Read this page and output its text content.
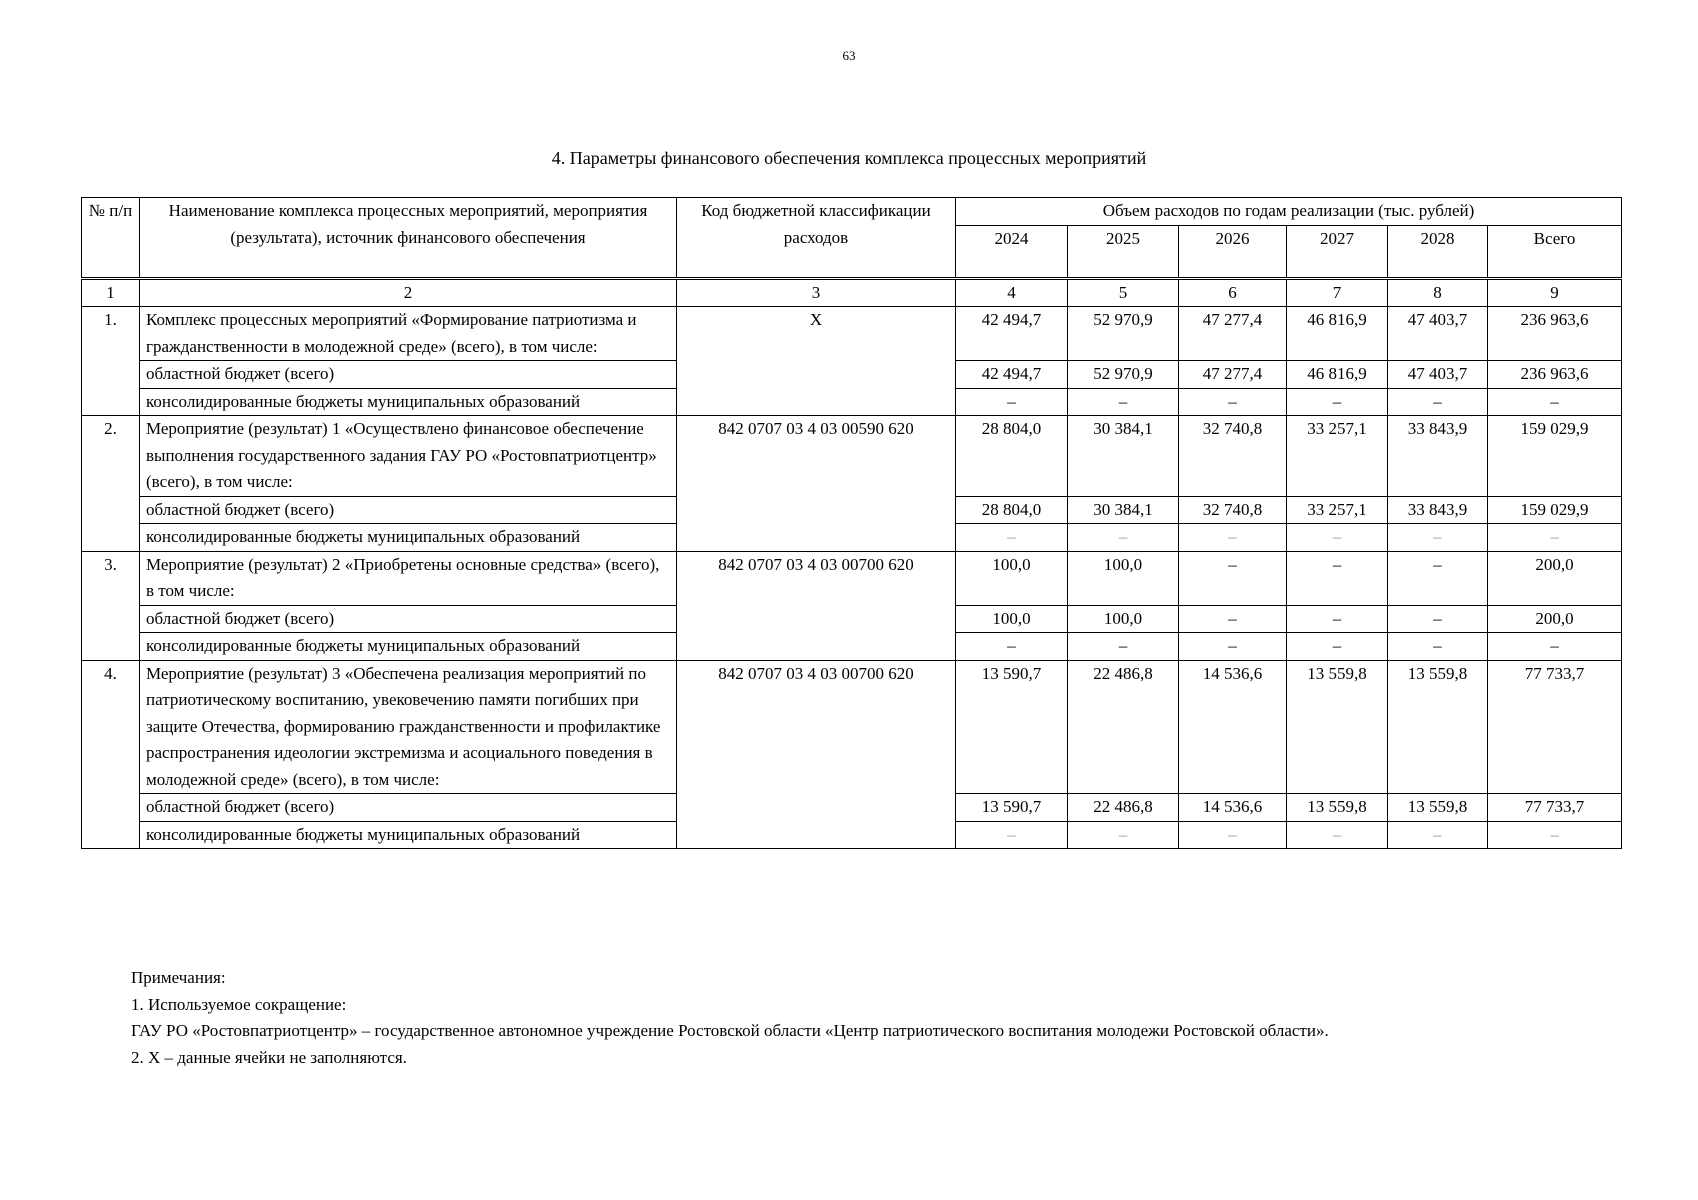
63
4. Параметры финансового обеспечения комплекса процессных мероприятий
№ п/п	Наименование комплекса процессных мероприятий, мероприятия (результата), источник финансового обеспечения	Код бюджетной классификации расходов	Объем расходов по годам реализации (тыс. рублей)					
			2024	2025	2026	2027	2028	Всего
1	2	3	4	5	6	7	8	9
1.	Комплекс процессных мероприятий «Формирование патриотизма и гражданственности в молодежной среде» (всего), в том числе:	Х	42 494,7	52 970,9	47 277,4	46 816,9	47 403,7	236 963,6
	областной бюджет (всего)		42 494,7	52 970,9	47 277,4	46 816,9	47 403,7	236 963,6
	консолидированные бюджеты муниципальных образований		–	–	–	–	–	–
2.	Мероприятие (результат) 1 «Осуществлено финансовое обеспечение выполнения государственного задания ГАУ РО «Ростовпатриотцентр» (всего), в том числе:	842 0707 03 4 03 00590 620	28 804,0	30 384,1	32 740,8	33 257,1	33 843,9	159 029,9
	областной бюджет (всего)		28 804,0	30 384,1	32 740,8	33 257,1	33 843,9	159 029,9
	консолидированные бюджеты муниципальных образований		–	–	–	–	–	–
3.	Мероприятие (результат) 2 «Приобретены основные средства» (всего), в том числе:	842 0707 03 4 03 00700 620	100,0	100,0	–	–	–	200,0
	областной бюджет (всего)		100,0	100,0	–	–	–	200,0
	консолидированные бюджеты муниципальных образований		–	–	–	–	–	–
4.	Мероприятие (результат) 3 «Обеспечена реализация мероприятий по патриотическому воспитанию, увековечению памяти погибших при защите Отечества, формированию гражданственности и профилактике распространения идеологии экстремизма и асоциального поведения в молодежной среде» (всего), в том числе:	842 0707 03 4 03 00700 620	13 590,7	22 486,8	14 536,6	13 559,8	13 559,8	77 733,7
	областной бюджет (всего)		13 590,7	22 486,8	14 536,6	13 559,8	13 559,8	77 733,7
	консолидированные бюджеты муниципальных образований		–	–	–	–	–	–
Примечания:
1. Используемое сокращение:
ГАУ РО «Ростовпатриотцентр» – государственное автономное учреждение Ростовской области «Центр патриотического воспитания молодежи Ростовской области».
2. Х – данные ячейки не заполняются.
